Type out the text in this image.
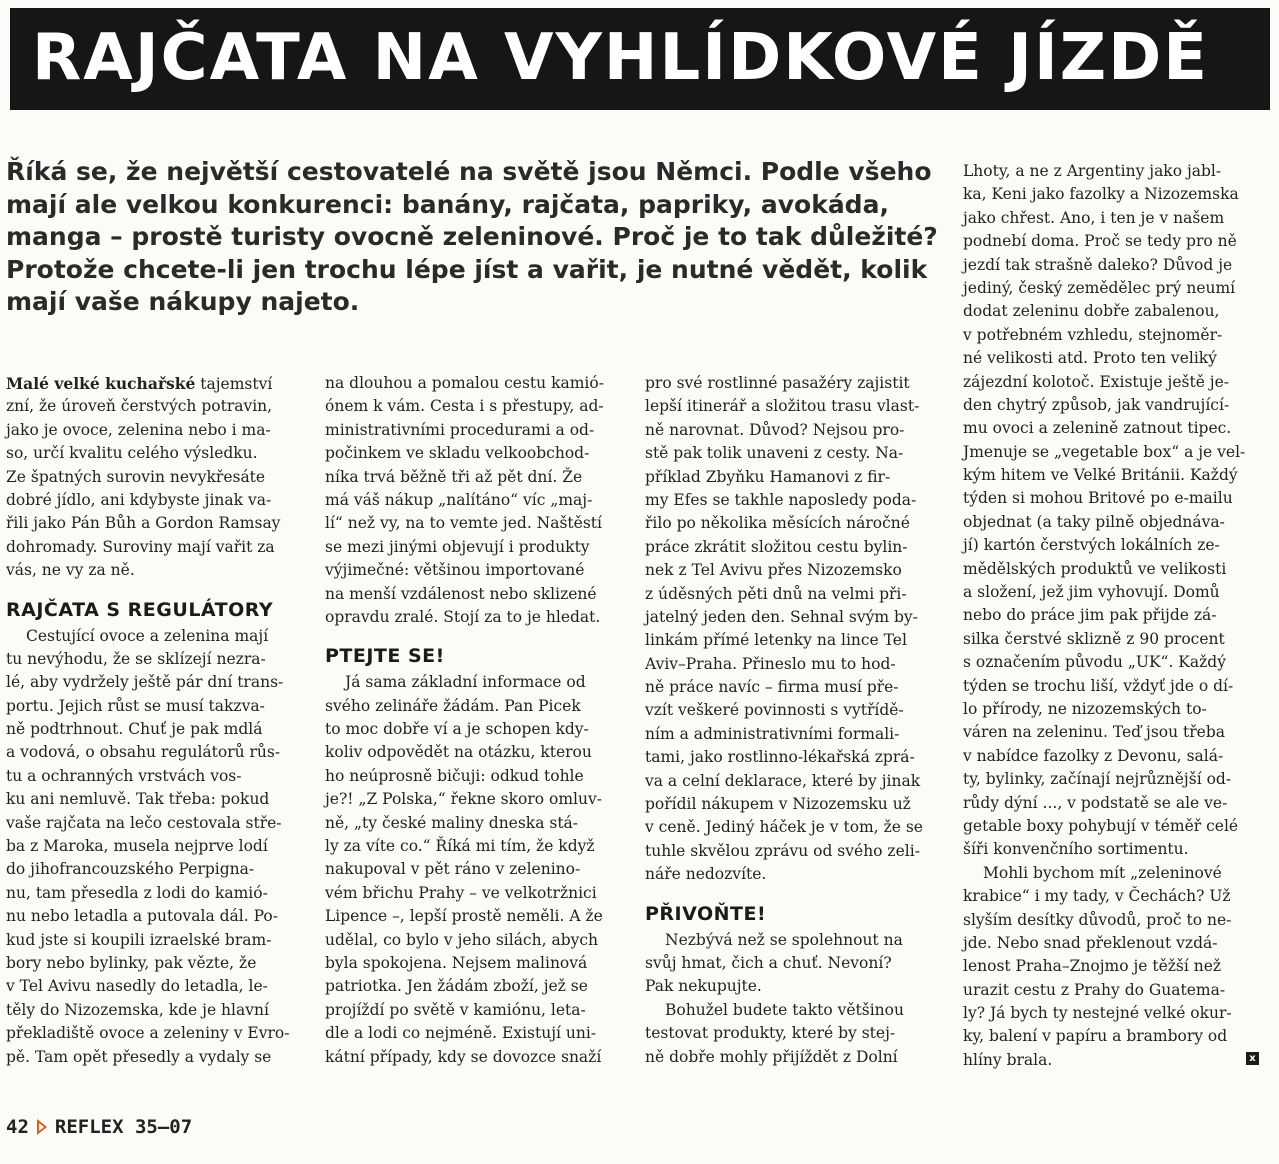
RAJČATA NA VYHLÍDKOVÉ JÍZDĚ
Říká se, že největší cestovatelé na světě jsou Němci. Podle všeho mají ale velkou konkurenci: banány, rajčata, papriky, avokáda, manga – prostě turisty ovocně zeleninové. Proč je to tak důležité? Protože chcete-li jen trochu lépe jíst a vařit, je nutné vědět, kolik mají vaše nákupy najeto.
Malé velké kuchařské tajemství
zní, že úroveň čerstvých potravin,
jako je ovoce, zelenina nebo i ma-
so, určí kvalitu celého výsledku.
Ze špatných surovin nevykřesáte
dobré jídlo, ani kdybyste jinak va-
řili jako Pán Bůh a Gordon Ramsay
dohromady. Suroviny mají vařit za
vás, ne vy za ně.
RAJČATA S REGULÁTORY
Cestující ovoce a zelenina mají
tu nevýhodu, že se sklízejí nezra-
lé, aby vydržely ještě pár dní trans-
portu. Jejich růst se musí takzva-
ně podtrhnout. Chuť je pak mdlá
a vodová, o obsahu regulátorů růs-
tu a ochranných vrstvách vos-
ku ani nemluvě. Tak třeba: pokud
vaše rajčata na lečo cestovala stře-
ba z Maroka, musela nejprve lodí
do jihofrancouzského Perpigna-
nu, tam přesedla z lodi do kamió-
nu nebo letadla a putovala dál. Po-
kud jste si koupili izraelské bram-
bory nebo bylinky, pak vězte, že
v Tel Avivu nasedly do letadla, le-
těly do Nizozemska, kde je hlavní
překladiště ovoce a zeleniny v Evro-
pě. Tam opět přesedly a vydaly se
na dlouhou a pomalou cestu kamió-
ónem k vám. Cesta i s přestupy, ad-
ministrativními procedurami a od-
počinkem ve skladu velkoobchod-
níka trvá běžně tři až pět dní. Že
má váš nákup „nalítáno“ víc „maj-
lí“ než vy, na to vemte jed. Naštěstí
se mezi jinými objevují i produkty
výjimečné: většinou importované
na menší vzdálenost nebo sklizené
opravdu zralé. Stojí za to je hledat.
PTEJTE SE!
Já sama základní informace od
svého zelináře žádám. Pan Picek
to moc dobře ví a je schopen kdy-
koliv odpovědět na otázku, kterou
ho neúprosně bičuji: odkud tohle
je?! „Z Polska,“ řekne skoro omluv-
ně, „ty české maliny dneska stá-
ly za víte co.“ Říká mi tím, že když
nakupoval v pět ráno v zelenino-
vém břichu Prahy – ve velkotržnici
Lipence –, lepší prostě neměli. A že
udělal, co bylo v jeho silách, abych
byla spokojena. Nejsem malinová
patriotka. Jen žádám zboží, jež se
projíždí po světě v kamiónu, leta-
dle a lodi co nejméně. Existují uni-
kátní případy, kdy se dovozce snaží
pro své rostlinné pasažéry zajistit
lepší itinerář a složitou trasu vlast-
ně narovnat. Důvod? Nejsou pro-
stě pak tolik unaveni z cesty. Na-
příklad Zbyňku Hamanovi z fir-
my Efes se takhle naposledy poda-
řilo po několika měsících náročné
práce zkrátit složitou cestu bylin-
nek z Tel Avivu přes Nizozemsko
z úděsných pěti dnů na velmi při-
jatelný jeden den. Sehnal svým by-
linkám přímé letenky na lince Tel
Aviv–Praha. Přineslo mu to hod-
ně práce navíc – firma musí pře-
vzít veškeré povinnosti s vytřídě-
ním a administrativními formali-
tami, jako rostlinno-lékařská zprá-
va a celní deklarace, které by jinak
pořídil nákupem v Nizozemsku už
v ceně. Jediný háček je v tom, že se
tuhle skvělou zprávu od svého zeli-
náře nedozvíte.
PŘIVOŇTE!
Nezbývá než se spolehnout na
svůj hmat, čich a chuť. Nevoní?
Pak nekupujte.
Bohužel budete takto většinou
testovat produkty, které by stej-
ně dobře mohly přijíždět z Dolní
Lhoty, a ne z Argentiny jako jabl-
ka, Keni jako fazolky a Nizozemska
jako chřest. Ano, i ten je v našem
podnebí doma. Proč se tedy pro ně
jezdí tak strašně daleko? Důvod je
jediný, český zemědělec prý neumí
dodat zeleninu dobře zabalenou,
v potřebném vzhledu, stejnoměr-
né velikosti atd. Proto ten veliký
zájezdní kolotoč. Existuje ještě je-
den chytrý způsob, jak vandrující-
mu ovoci a zelenině zatnout tipec.
Jmenuje se „vegetable box“ a je vel-
kým hitem ve Velké Británii. Každý
týden si mohou Britové po e-mailu
objednat (a taky pilně objednáva-
jí) kartón čerstvých lokálních ze-
mědělských produktů ve velikosti
a složení, jež jim vyhovují. Domů
nebo do práce jim pak přijde zá-
silka čerstvé sklizně z 90 procent
s označením původu „UK“. Každý
týden se trochu liší, vždyť jde o dí-
lo přírody, ne nizozemských to-
váren na zeleninu. Teď jsou třeba
v nabídce fazolky z Devonu, salá-
ty, bylinky, začínají nejrůznější od-
růdy dýní ..., v podstatě se ale ve-
getable boxy pohybují v téměř celé
šíři konvenčního sortimentu.
Mohli bychom mít „zeleninové
krabice“ i my tady, v Čechách? Už
slyším desítky důvodů, proč to ne-
jde. Nebo snad překlenout vzdá-
lenost Praha–Znojmo je těžší než
urazit cestu z Prahy do Guatema-
ly? Já bych ty nestejné velké okur-
ky, balení v papíru a brambory od
hlíny brala.	x
42 REFLEX 35–07
